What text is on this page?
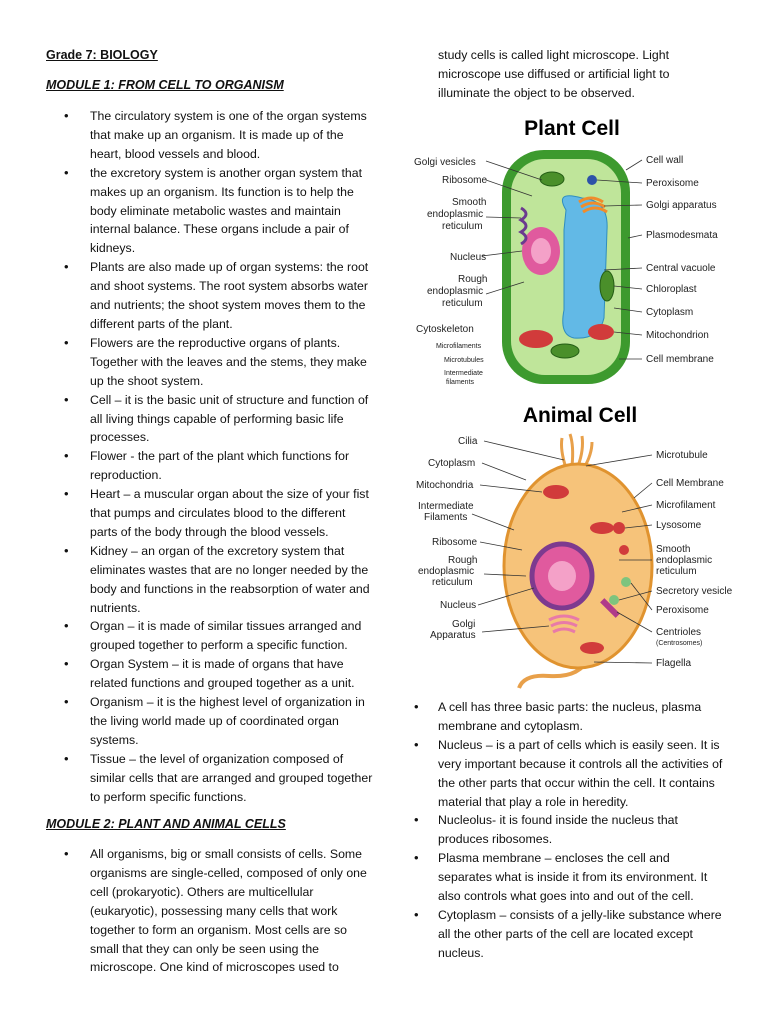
Grade 7: BIOLOGY
MODULE 1: FROM CELL TO ORGANISM
• The circulatory system is one of the organ systems that make up an organism. It is made up of the heart, blood vessels and blood.
• the excretory system is another organ system that makes up an organism. Its function is to help the body eliminate metabolic wastes and maintain internal balance. These organs include a pair of kidneys.
• Plants are also made up of organ systems: the root and shoot systems. The root system absorbs water and nutrients; the shoot system moves them to the different parts of the plant.
• Flowers are the reproductive organs of plants. Together with the leaves and the stems, they make up the shoot system.
• Cell – it is the basic unit of structure and function of all living things capable of performing basic life processes.
• Flower - the part of the plant which functions for reproduction.
• Heart – a muscular organ about the size of your fist that pumps and circulates blood to the different parts of the body through the blood vessels.
• Kidney – an organ of the excretory system that eliminates wastes that are no longer needed by the body and functions in the reabsorption of water and nutrients.
• Organ – it is made of similar tissues arranged and grouped together to perform a specific function.
• Organ System – it is made of organs that have related functions and grouped together as a unit.
• Organism – it is the highest level of organization in the living world made up of coordinated organ systems.
• Tissue – the level of organization composed of similar cells that are arranged and grouped together to perform specific functions.
MODULE 2: PLANT AND ANIMAL CELLS
• All organisms, big or small consists of cells. Some organisms are single-celled, composed of only one cell (prokaryotic). Others are multicellular (eukaryotic), possessing many cells that work together to form an organism. Most cells are so small that they can only be seen using the microscope. One kind of microscopes used to
study cells is called light microscope. Light microscope use diffused or artificial light to illuminate the object to be observed.
Plant Cell
Golgi vesicles
Ribosome
Smooth
endoplasmic
reticulum
Nucleus
Rough
endoplasmic
reticulum
Cytoskeleton
Microfilaments
Microtubules
Intermediate
filaments
Cell wall
Peroxisome
Golgi apparatus
Plasmodesmata
Central vacuole
Chloroplast
Cytoplasm
Mitochondrion
Cell membrane
Animal Cell
Cilia
Cytoplasm
Mitochondria
Intermediate
Filaments
Ribosome
Rough
endoplasmic
reticulum
Nucleus
Golgi
Apparatus
Microtubule
Cell Membrane
Microfilament
Lysosome
Smooth
endoplasmic
reticulum
Secretory vesicle
Peroxisome
Centrioles
(Centrosomes)
Flagella
• A cell has three basic parts: the nucleus, plasma membrane and cytoplasm.
• Nucleus – is a part of cells which is easily seen. It is very important because it controls all the activities of the other parts that occur within the cell. It contains material that play a role in heredity.
• Nucleolus- it is found inside the nucleus that produces ribosomes.
• Plasma membrane – encloses the cell and separates what is inside it from its environment. It also controls what goes into and out of the cell.
• Cytoplasm – consists of a jelly-like substance where all the other parts of the cell are located except nucleus.
